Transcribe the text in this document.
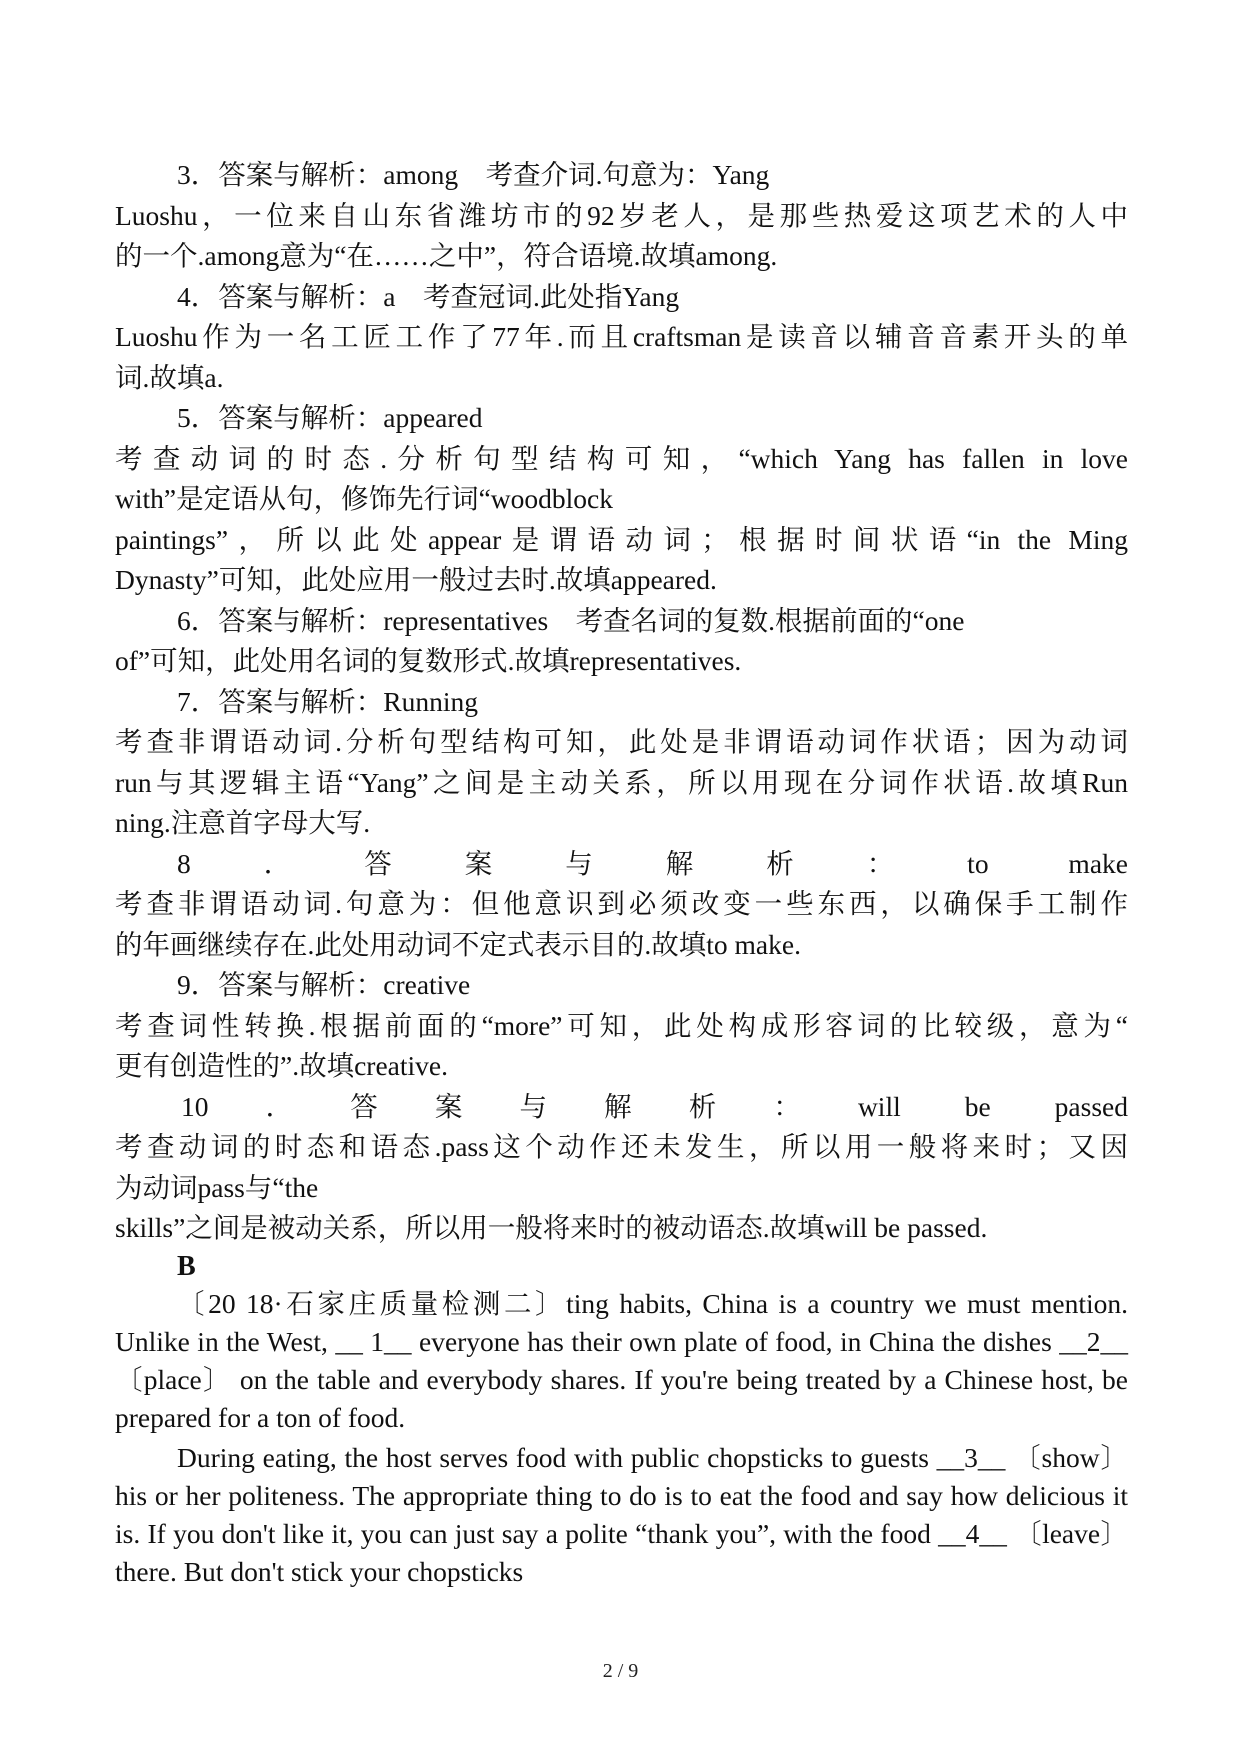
3．答案与解析：among　考查介词.句意为：Yang
Luoshu，一位来自山东省潍坊市的92岁老人，是那些热爱这项艺术的人中
的一个.among意为“在……之中”，符合语境.故填among.
4．答案与解析：a　考查冠词.此处指Yang
Luoshu作为一名工匠工作了77年.而且craftsman是读音以辅音音素开头的单
词.故填a.
5．答案与解析：appeared
考查动词的时态.分析句型结构可知，“which Yang has fallen in love
with”是定语从句，修饰先行词“woodblock
paintings”，所以此处appear是谓语动词；根据时间状语“in the Ming
Dynasty”可知，此处应用一般过去时.故填appeared.
6．答案与解析：representatives　考查名词的复数.根据前面的“one
of”可知，此处用名词的复数形式.故填representatives.
7．答案与解析：Running
考查非谓语动词.分析句型结构可知，此处是非谓语动词作状语；因为动词
run与其逻辑主语“Yang”之间是主动关系，所以用现在分词作状语.故填Run
ning.注意首字母大写.
8．答案与解析：to make
考查非谓语动词.句意为：但他意识到必须改变一些东西，以确保手工制作
的年画继续存在.此处用动词不定式表示目的.故填to make.
9．答案与解析：creative
考查词性转换.根据前面的“more”可知，此处构成形容词的比较级，意为“
更有创造性的”.故填creative.
10．答案与解析：will be passed
考查动词的时态和语态.pass这个动作还未发生，所以用一般将来时；又因
为动词pass与“the
skills”之间是被动关系，所以用一般将来时的被动语态.故填will be passed.

B

〔20 18·石家庄质量检测二〕ting habits, China is a country we must mention. Unlike in the West, __ 1__ everyone has their own plate of food, in China the dishes __2__ 〔place〕 on the table and everybody shares. If you're being treated by a Chinese host, be prepared for a ton of food.

During eating, the host serves food with public chopsticks to guests __3__ 〔show〕 his or her politeness. The appropriate thing to do is to eat the food and say how delicious it is. If you don't like it, you can just say a polite “thank you”, with the food __4__ 〔leave〕 there. But don't stick your chopsticks

2 / 9
